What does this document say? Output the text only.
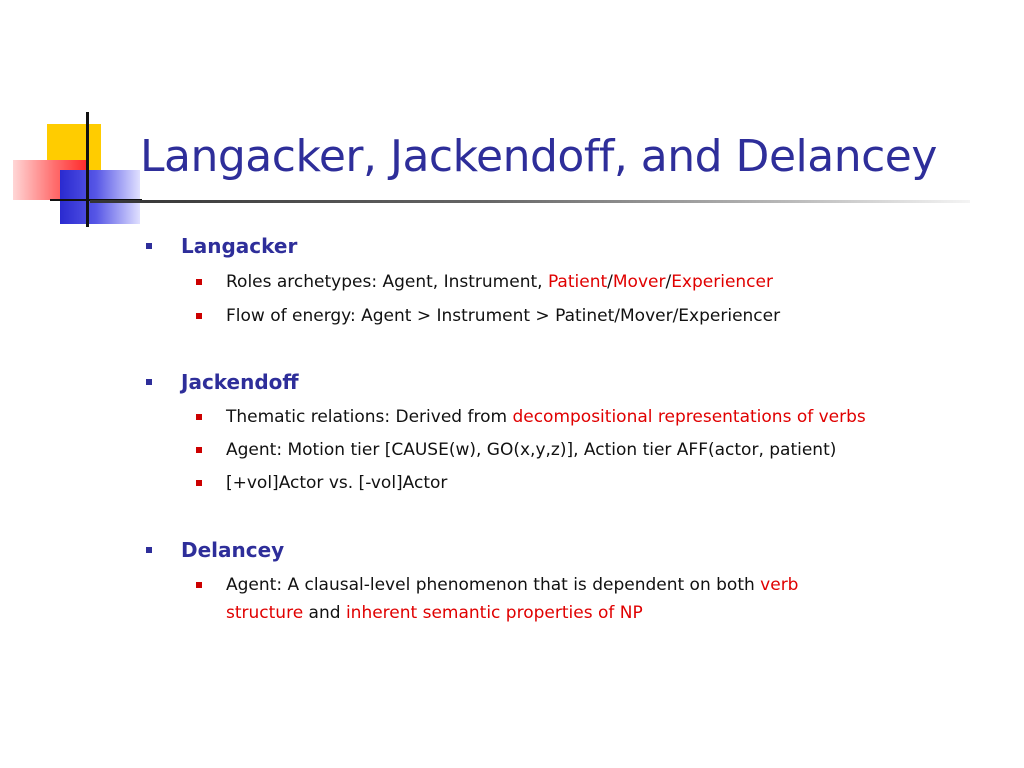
Langacker, Jackendoff, and Delancey
Langacker
Roles archetypes: Agent, Instrument, Patient/Mover/Experiencer
Flow of energy: Agent > Instrument > Patinet/Mover/Experiencer
Jackendoff
Thematic relations: Derived from decompositional representations of verbs
Agent: Motion tier [CAUSE(w), GO(x,y,z)], Action tier AFF(actor, patient)
[+vol]Actor vs. [-vol]Actor
Delancey
Agent: A clausal-level phenomenon that is dependent on both verb
structure and inherent semantic properties of NP
